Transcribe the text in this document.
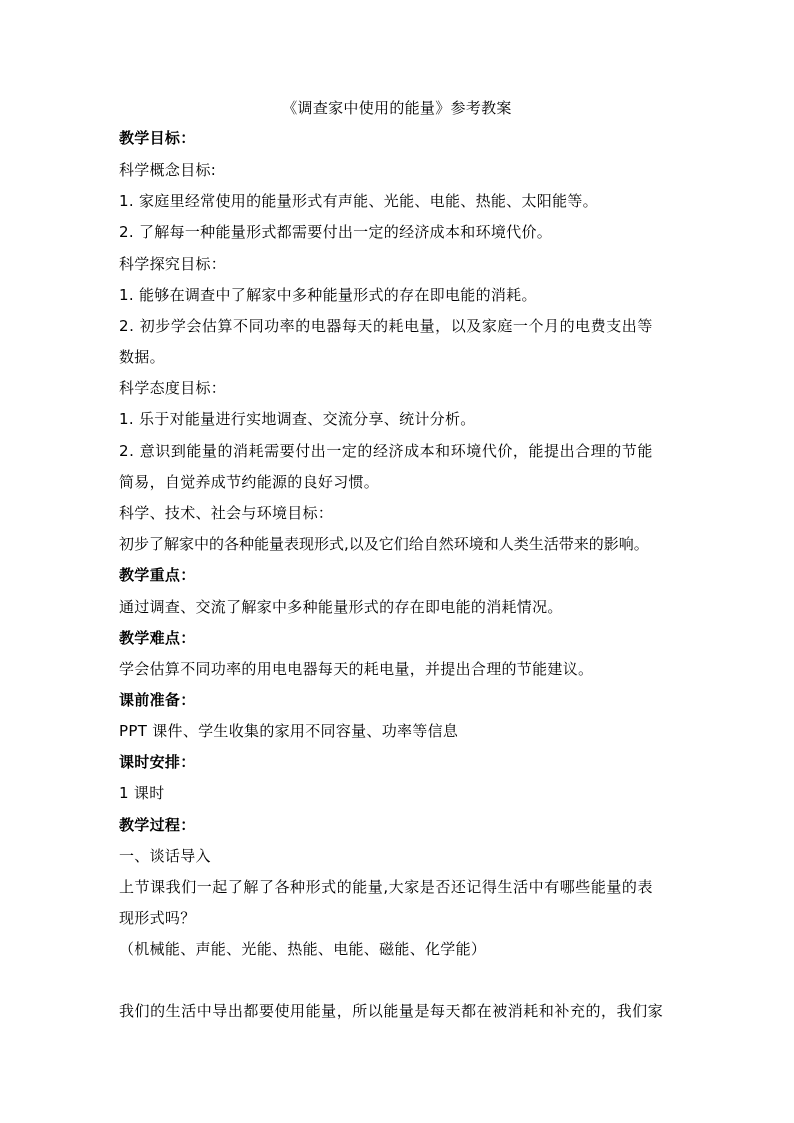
《调查家中使用的能量》参考教案
教学目标：
科学概念目标:
1. 家庭里经常使用的能量形式有声能、光能、电能、热能、太阳能等。
2. 了解每一种能量形式都需要付出一定的经济成本和环境代价。
科学探究目标：
1. 能够在调查中了解家中多种能量形式的存在即电能的消耗。
2. 初步学会估算不同功率的电器每天的耗电量，以及家庭一个月的电费支出等
数据。
科学态度目标：
1. 乐于对能量进行实地调查、交流分享、统计分析。
2. 意识到能量的消耗需要付出一定的经济成本和环境代价，能提出合理的节能
简易，自觉养成节约能源的良好习惯。
科学、技术、社会与环境目标：
初步了解家中的各种能量表现形式,以及它们给自然环境和人类生活带来的影响。
教学重点：
通过调查、交流了解家中多种能量形式的存在即电能的消耗情况。
教学难点：
学会估算不同功率的用电电器每天的耗电量，并提出合理的节能建议。
课前准备：
PPT 课件、学生收集的家用不同容量、功率等信息
课时安排：
1 课时
教学过程：
一、谈话导入
上节课我们一起了解了各种形式的能量,大家是否还记得生活中有哪些能量的表
现形式吗？
（机械能、声能、光能、热能、电能、磁能、化学能）
我们的生活中导出都要使用能量，所以能量是每天都在被消耗和补充的，我们家
